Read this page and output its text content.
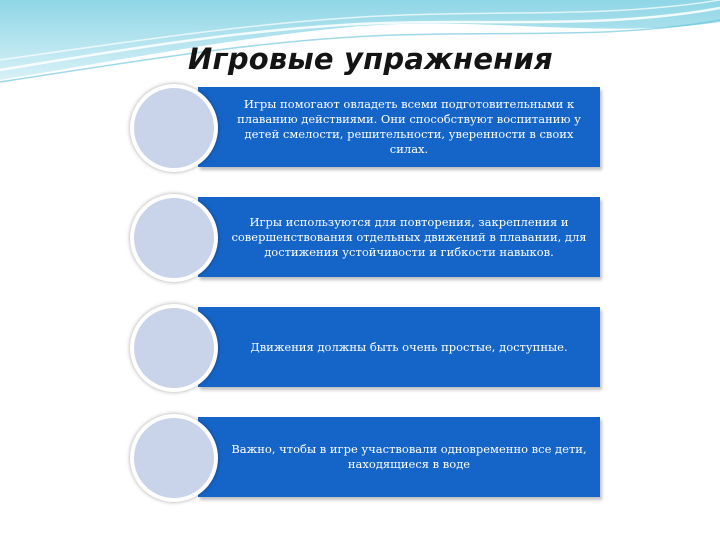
Игровые упражнения
Игры помогают овладеть всеми подготовительными к плаванию действиями. Они способствуют воспитанию у детей смелости, решительности, уверенности в своих силах.
Игры используются для повторения, закрепления и совершенствования отдельных движений в плавании, для достижения устойчивости и гибкости навыков.
Движения должны быть очень простые, доступные.
Важно, чтобы в игре участвовали одновременно все дети, находящиеся в воде
